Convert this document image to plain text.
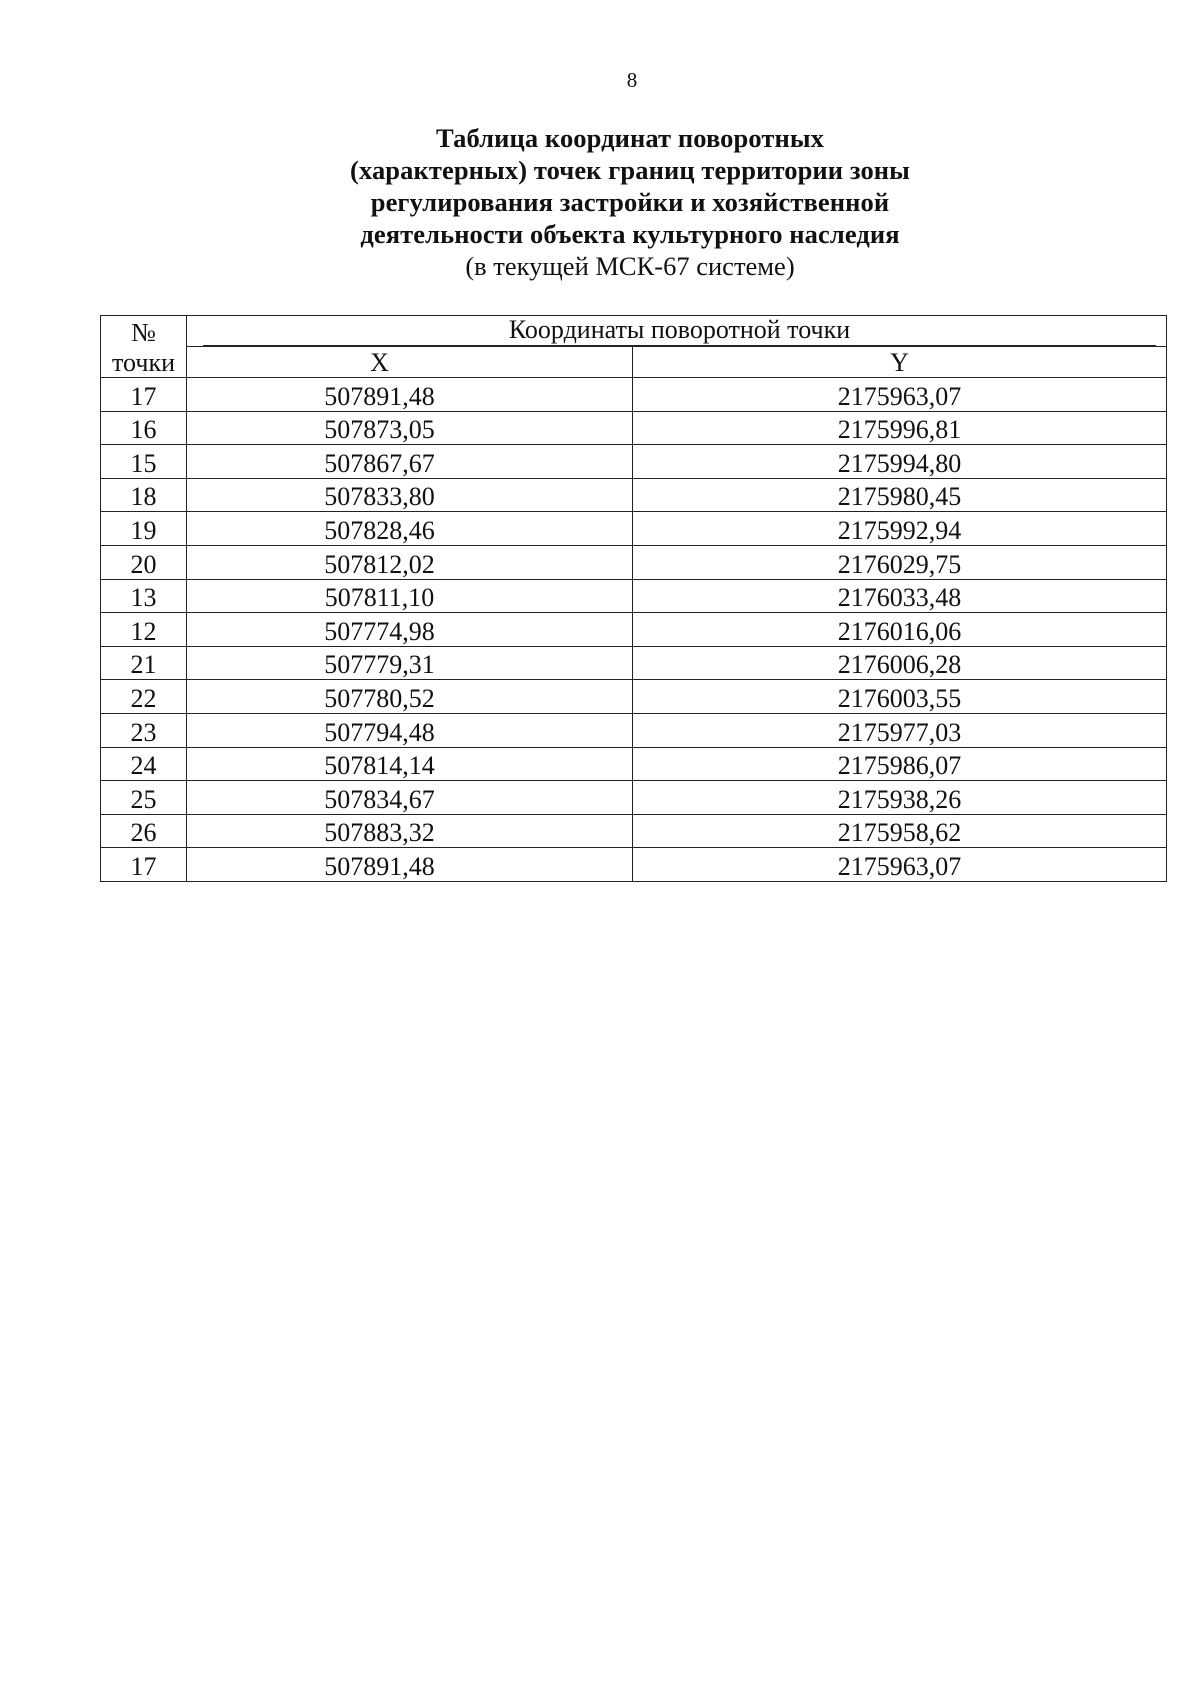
8
Таблица координат поворотных
(характерных) точек границ территории зоны
регулирования застройки и хозяйственной
деятельности объекта культурного наследия
(в текущей МСК-67 системе)
№	Координаты поворотной точки	

точки	X	Y
17	507891,48	2175963,07
16	507873,05	2175996,81
15	507867,67	2175994,80
18	507833,80	2175980,45
19	507828,46	2175992,94
20	507812,02	2176029,75
13	507811,10	2176033,48
12	507774,98	2176016,06
21	507779,31	2176006,28
22	507780,52	2176003,55
23	507794,48	2175977,03
24	507814,14	2175986,07
25	507834,67	2175938,26
26	507883,32	2175958,62
17	507891,48	2175963,07
